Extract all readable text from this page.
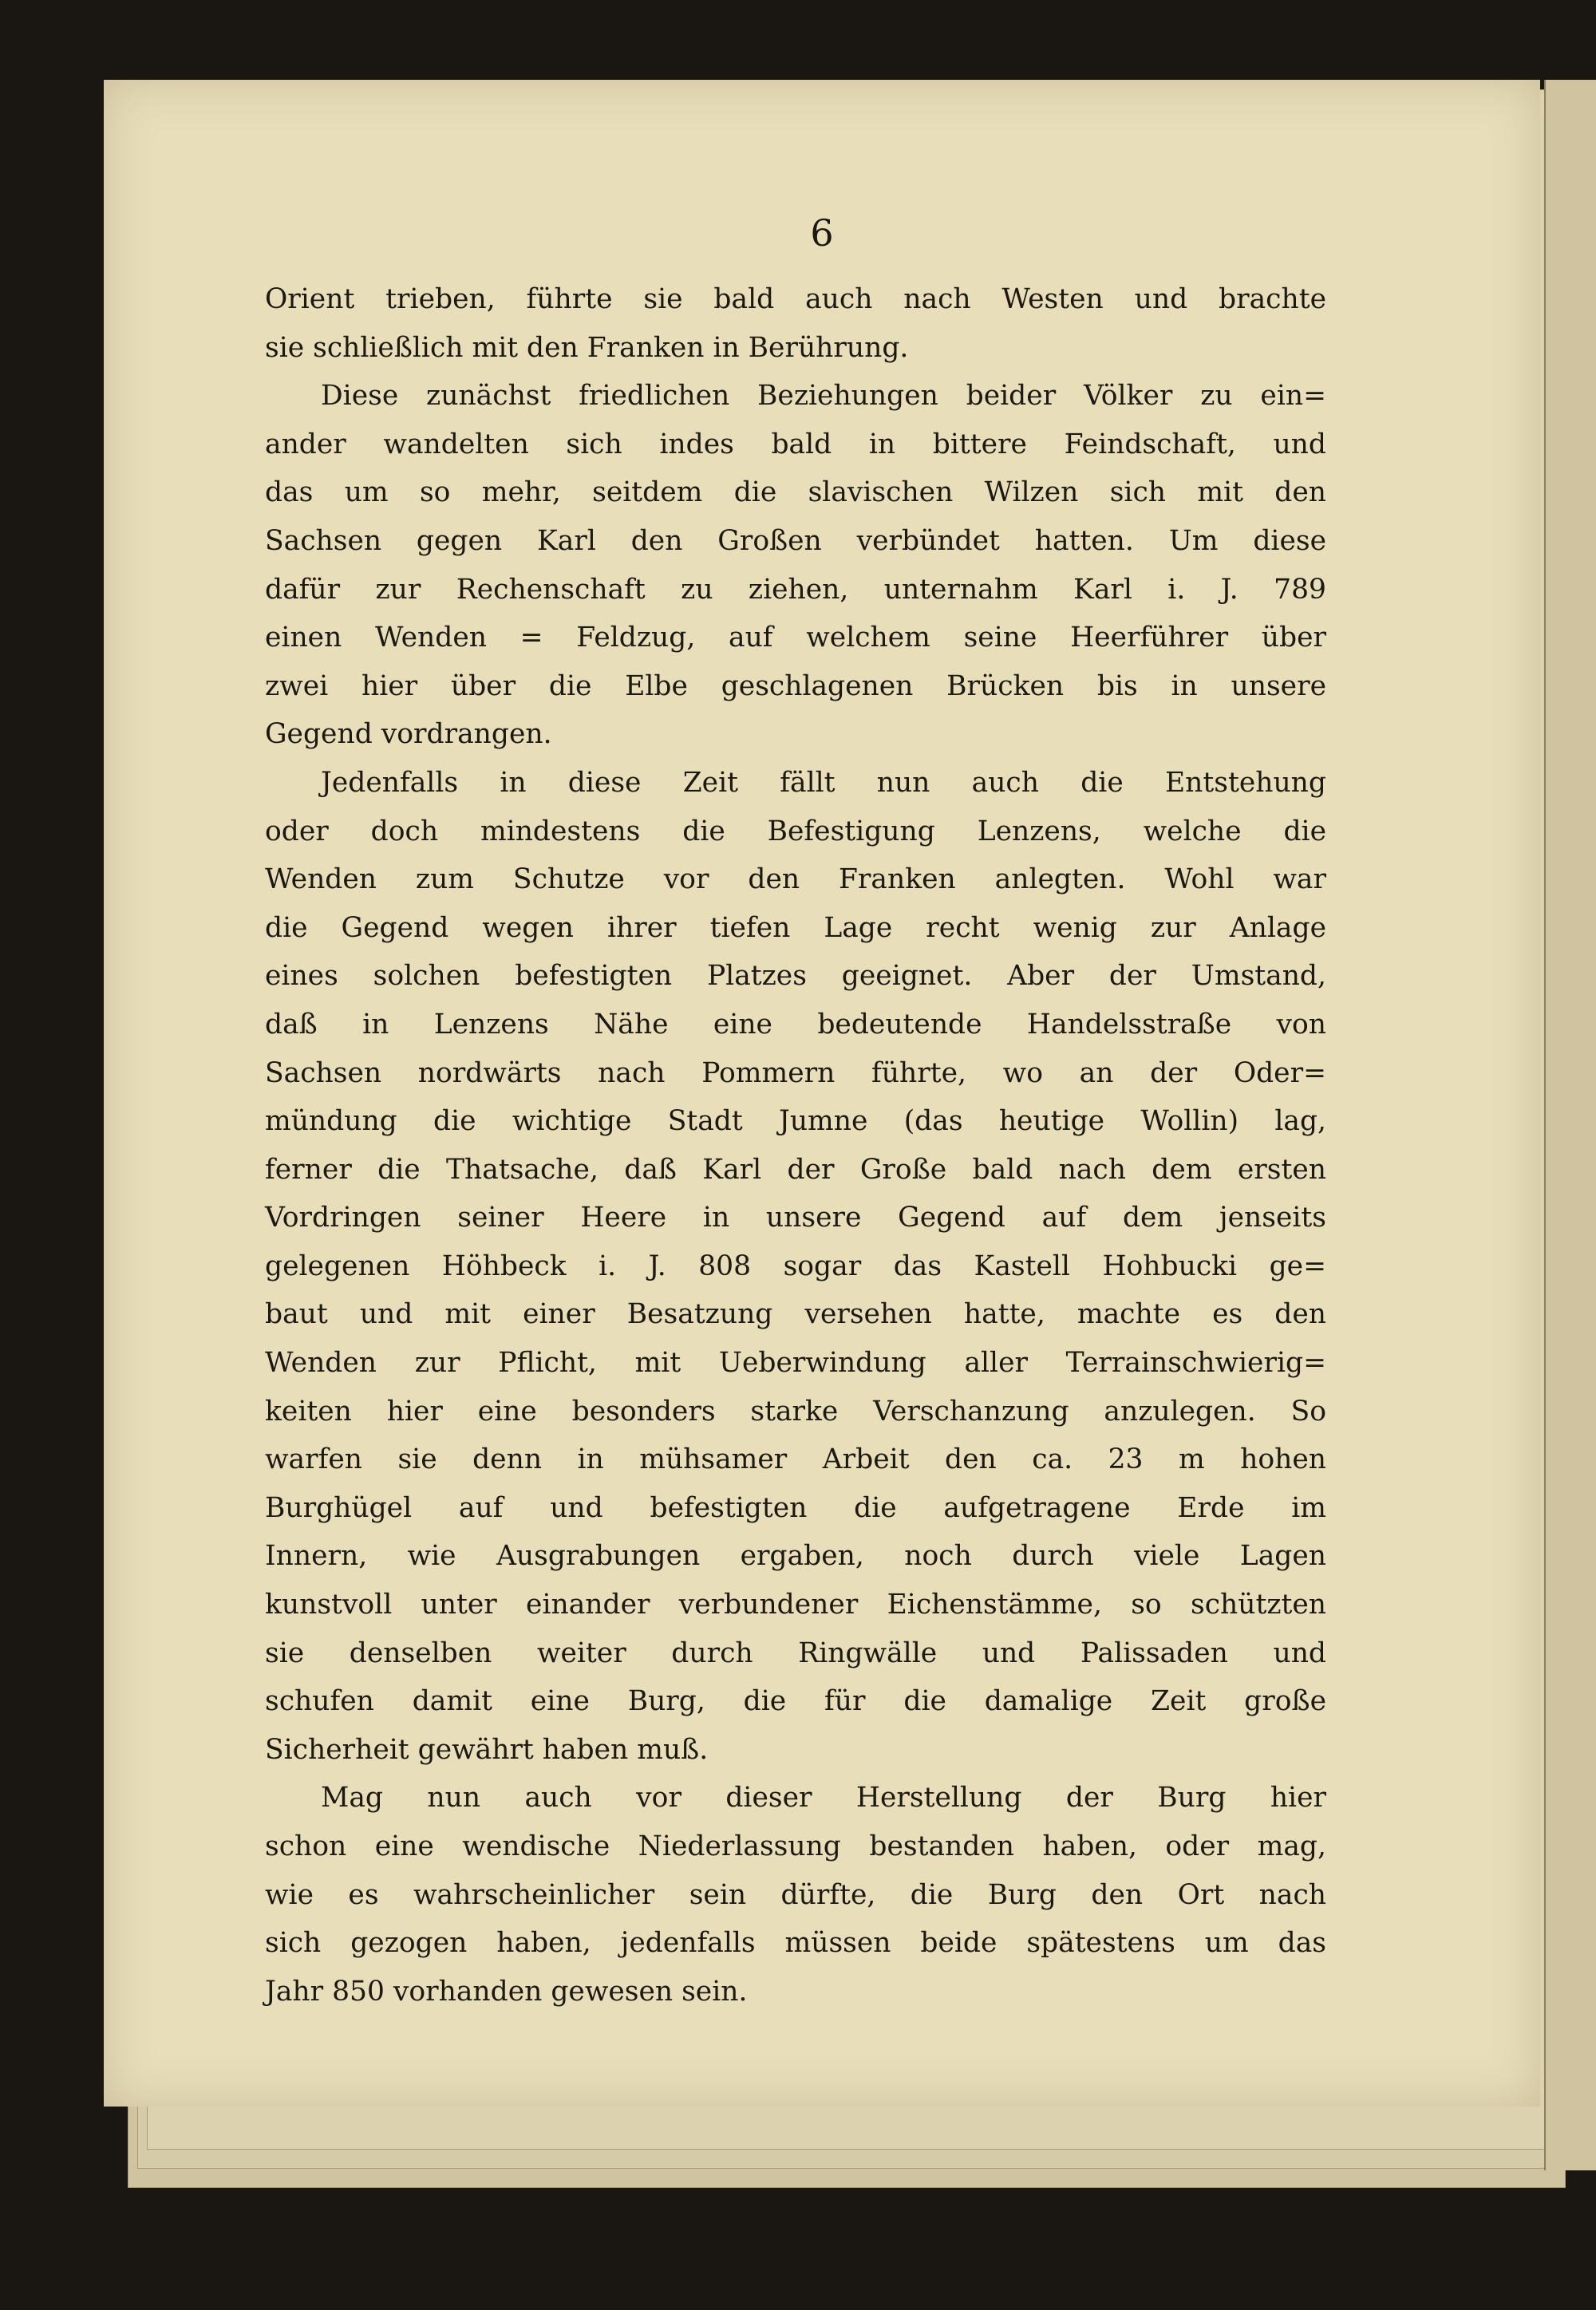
6
Orient trieben, führte sie bald auch nach Westen und brachte
sie schließlich mit den Franken in Berührung.
Diese zunächst friedlichen Beziehungen beider Völker zu ein=
ander wandelten sich indes bald in bittere Feindschaft, und
das um so mehr, seitdem die slavischen Wilzen sich mit den
Sachsen gegen Karl den Großen verbündet hatten. Um diese
dafür zur Rechenschaft zu ziehen, unternahm Karl i. J. 789
einen Wenden = Feldzug, auf welchem seine Heerführer über
zwei hier über die Elbe geschlagenen Brücken bis in unsere
Gegend vordrangen.
Jedenfalls in diese Zeit fällt nun auch die Entstehung
oder doch mindestens die Befestigung Lenzens, welche die
Wenden zum Schutze vor den Franken anlegten. Wohl war
die Gegend wegen ihrer tiefen Lage recht wenig zur Anlage
eines solchen befestigten Platzes geeignet. Aber der Umstand,
daß in Lenzens Nähe eine bedeutende Handelsstraße von
Sachsen nordwärts nach Pommern führte, wo an der Oder=
mündung die wichtige Stadt Jumne (das heutige Wollin) lag,
ferner die Thatsache, daß Karl der Große bald nach dem ersten
Vordringen seiner Heere in unsere Gegend auf dem jenseits
gelegenen Höhbeck i. J. 808 sogar das Kastell Hohbucki ge=
baut und mit einer Besatzung versehen hatte, machte es den
Wenden zur Pflicht, mit Ueberwindung aller Terrainschwierig=
keiten hier eine besonders starke Verschanzung anzulegen. So
warfen sie denn in mühsamer Arbeit den ca. 23 m hohen
Burghügel auf und befestigten die aufgetragene Erde im
Innern, wie Ausgrabungen ergaben, noch durch viele Lagen
kunstvoll unter einander verbundener Eichenstämme, so schützten
sie denselben weiter durch Ringwälle und Palissaden und
schufen damit eine Burg, die für die damalige Zeit große
Sicherheit gewährt haben muß.
Mag nun auch vor dieser Herstellung der Burg hier
schon eine wendische Niederlassung bestanden haben, oder mag,
wie es wahrscheinlicher sein dürfte, die Burg den Ort nach
sich gezogen haben, jedenfalls müssen beide spätestens um das
Jahr 850 vorhanden gewesen sein.
